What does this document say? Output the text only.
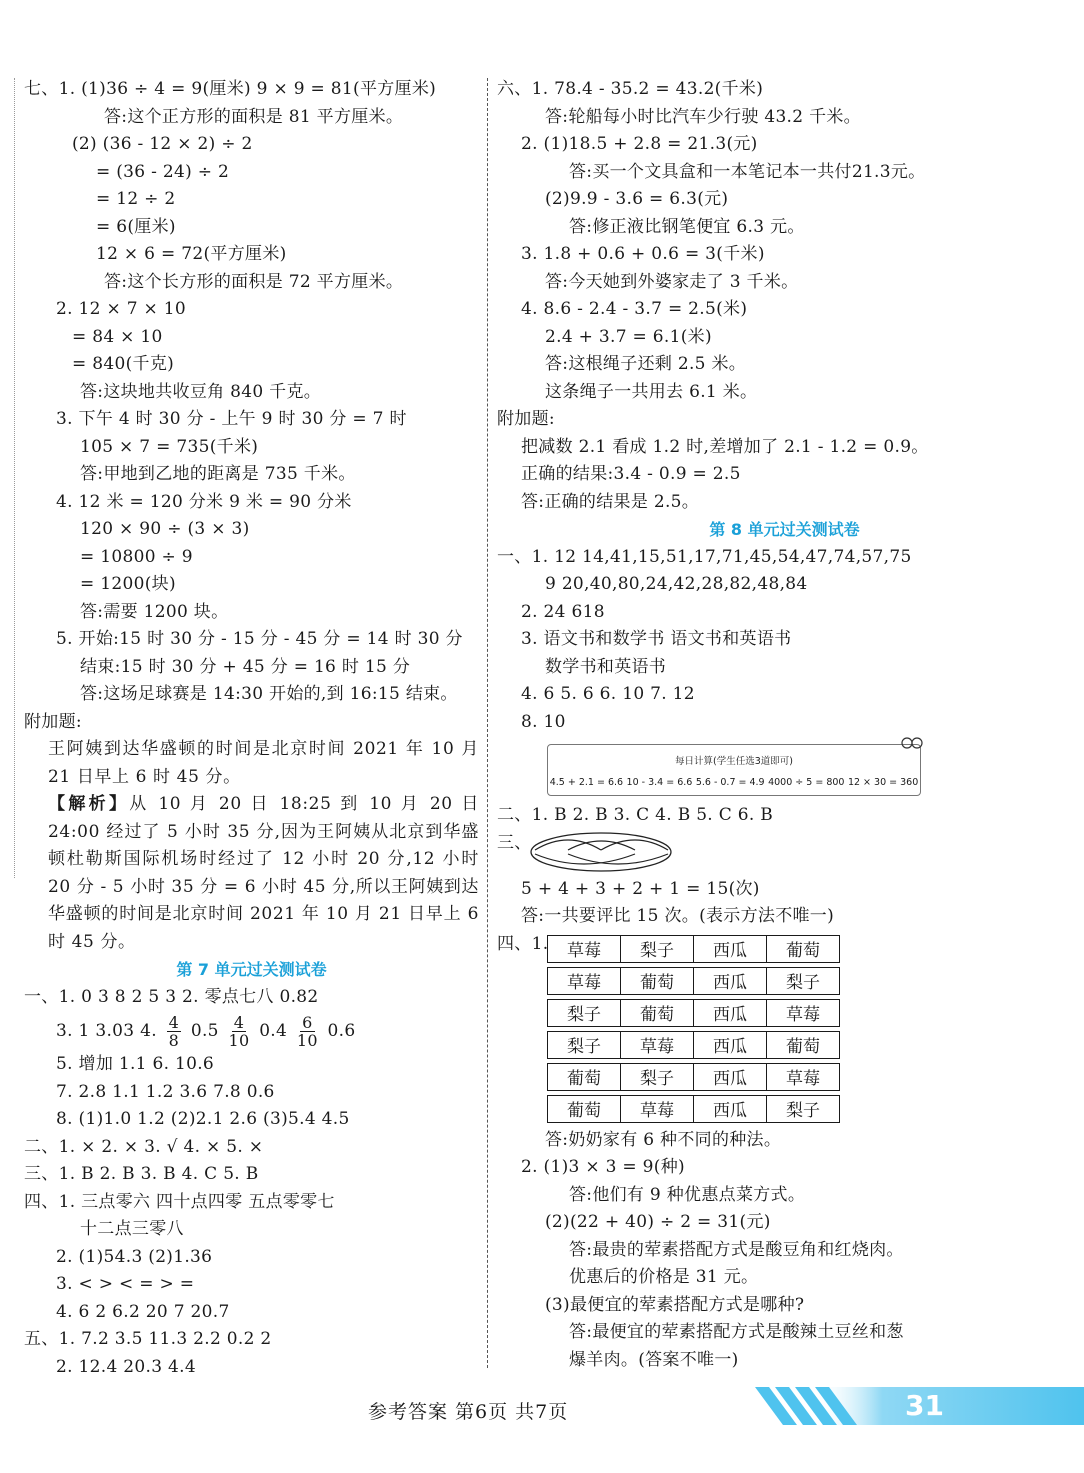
七、1. (1)36 ÷ 4 = 9(厘米) 9 × 9 = 81(平方厘米)
答:这个正方形的面积是 81 平方厘米。
(2) (36 - 12 × 2) ÷ 2
= (36 - 24) ÷ 2
= 12 ÷ 2
= 6(厘米)
12 × 6 = 72(平方厘米)
答:这个长方形的面积是 72 平方厘米。
2. 12 × 7 × 10
= 84 × 10
= 840(千克)
答:这块地共收豆角 840 千克。
3. 下午 4 时 30 分 - 上午 9 时 30 分 = 7 时
105 × 7 = 735(千米)
答:甲地到乙地的距离是 735 千米。
4. 12 米 = 120 分米 9 米 = 90 分米
120 × 90 ÷ (3 × 3)
= 10800 ÷ 9
= 1200(块)
答:需要 1200 块。
5. 开始:15 时 30 分 - 15 分 - 45 分 = 14 时 30 分
结束:15 时 30 分 + 45 分 = 16 时 15 分
答:这场足球赛是 14:30 开始的,到 16:15 结束。
附加题:
王阿姨到达华盛顿的时间是北京时间 2021 年 10 月 21 日早上 6 时 45 分。
【解析】从 10 月 20 日 18:25 到 10 月 20 日 24:00 经过了 5 小时 35 分,因为王阿姨从北京到华盛顿杜勒斯国际机场时经过了 12 小时 20 分,12 小时 20 分 - 5 小时 35 分 = 6 小时 45 分,所以王阿姨到达华盛顿的时间是北京时间 2021 年 10 月 21 日早上 6 时 45 分。
第 7 单元过关测试卷
一、1. 0 3 8 2 5 3 2. 零点七八 0.82
3. 1 3.03 4. $\frac{4}{8} 0.5 \frac{4}{10} 0.4 \frac{6}{10} 0.6$
5. 增加 1.1 6. 10.6
7. 2.8 1.1 1.2 3.6 7.8 0.6
8. (1)1.0 1.2 (2)2.1 2.6 (3)5.4 4.5
二、1. × 2. × 3. √ 4. × 5. ×
三、1. B 2. B 3. B 4. C 5. B
四、1. 三点零六 四十点四零 五点零零七
十二点三零八
2. (1)54.3 (2)1.36
3. < > < = > =
4. 6 2 6.2 20 7 20.7
五、1. 7.2 3.5 11.3 2.2 0.2 2
2. 12.4 20.3 4.4
六、1. 78.4 - 35.2 = 43.2(千米)
答:轮船每小时比汽车少行驶 43.2 千米。
2. (1)18.5 + 2.8 = 21.3(元)
答:买一个文具盒和一本笔记本一共付21.3元。
(2)9.9 - 3.6 = 6.3(元)
答:修正液比钢笔便宜 6.3 元。
3. 1.8 + 0.6 + 0.6 = 3(千米)
答:今天她到外婆家走了 3 千米。
4. 8.6 - 2.4 - 3.7 = 2.5(米)
2.4 + 3.7 = 6.1(米)
答:这根绳子还剩 2.5 米。
这条绳子一共用去 6.1 米。
附加题:
把减数 2.1 看成 1.2 时,差增加了 2.1 - 1.2 = 0.9。
正确的结果:3.4 - 0.9 = 2.5
答:正确的结果是 2.5。
第 8 单元过关测试卷
一、1. 12 14,41,15,51,17,71,45,54,47,74,57,75
9 20,40,80,24,42,28,82,48,84
2. 24 618
3. 语文书和数学书 语文书和英语书
数学书和英语书
4. 6 5. 6 6. 10 7. 12
8. 10
每日计算(学生任选3道即可)
4.5 + 2.1 = 6.6 10 - 3.4 = 6.6 5.6 - 0.7 = 4.9 4000 ÷ 5 = 800 12 × 30 = 360
二、1. B 2. B 3. C 4. B 5. C 6. B
三、
5 + 4 + 3 + 2 + 1 = 15(次)
答:一共要评比 15 次。(表示方法不唯一)
四、1. 草莓	梨子	西瓜	葡萄
草莓	葡萄	西瓜	梨子
梨子	葡萄	西瓜	草莓
梨子	草莓	西瓜	葡萄
葡萄	梨子	西瓜	草莓
葡萄	草莓	西瓜	梨子
答:奶奶家有 6 种不同的种法。
2. (1)3 × 3 = 9(种)
答:他们有 9 种优惠点菜方式。
(2)(22 + 40) ÷ 2 = 31(元)
答:最贵的荤素搭配方式是酸豆角和红烧肉。
优惠后的价格是 31 元。
(3)最便宜的荤素搭配方式是哪种?
答:最便宜的荤素搭配方式是酸辣土豆丝和葱
爆羊肉。(答案不唯一)
参考答案 第6页 共7页	31
